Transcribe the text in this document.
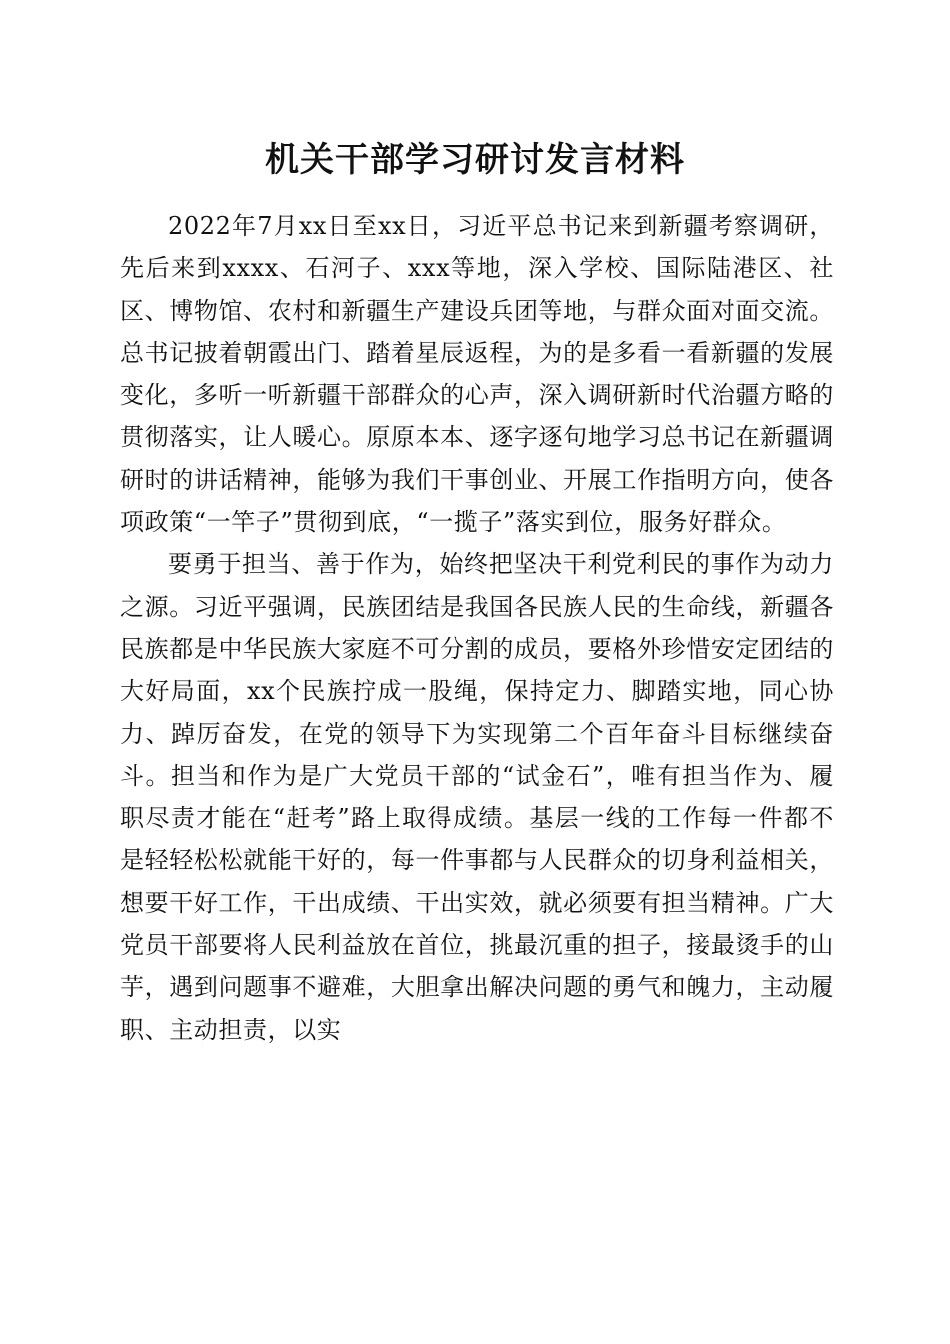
机关干部学习研讨发言材料

2022年7月xx日至xx日，习近平总书记来到新疆考察调研，先后来到xxxx、石河子、xxx等地，深入学校、国际陆港区、社区、博物馆、农村和新疆生产建设兵团等地，与群众面对面交流。总书记披着朝霞出门、踏着星辰返程，为的是多看一看新疆的发展变化，多听一听新疆干部群众的心声，深入调研新时代治疆方略的贯彻落实，让人暖心。原原本本、逐字逐句地学习总书记在新疆调研时的讲话精神，能够为我们干事创业、开展工作指明方向，使各项政策“一竿子”贯彻到底，“一揽子”落实到位，服务好群众。

要勇于担当、善于作为，始终把坚决干利党利民的事作为动力之源。习近平强调，民族团结是我国各民族人民的生命线，新疆各民族都是中华民族大家庭不可分割的成员，要格外珍惜安定团结的大好局面，xx个民族拧成一股绳，保持定力、脚踏实地，同心协力、踔厉奋发，在党的领导下为实现第二个百年奋斗目标继续奋斗。担当和作为是广大党员干部的“试金石”，唯有担当作为、履职尽责才能在“赶考”路上取得成绩。基层一线的工作每一件都不是轻轻松松就能干好的，每一件事都与人民群众的切身利益相关，想要干好工作，干出成绩、干出实效，就必须要有担当精神。广大党员干部要将人民利益放在首位，挑最沉重的担子，接最烫手的山芋，遇到问题事不避难，大胆拿出解决问题的勇气和魄力，主动履职、主动担责，以实
